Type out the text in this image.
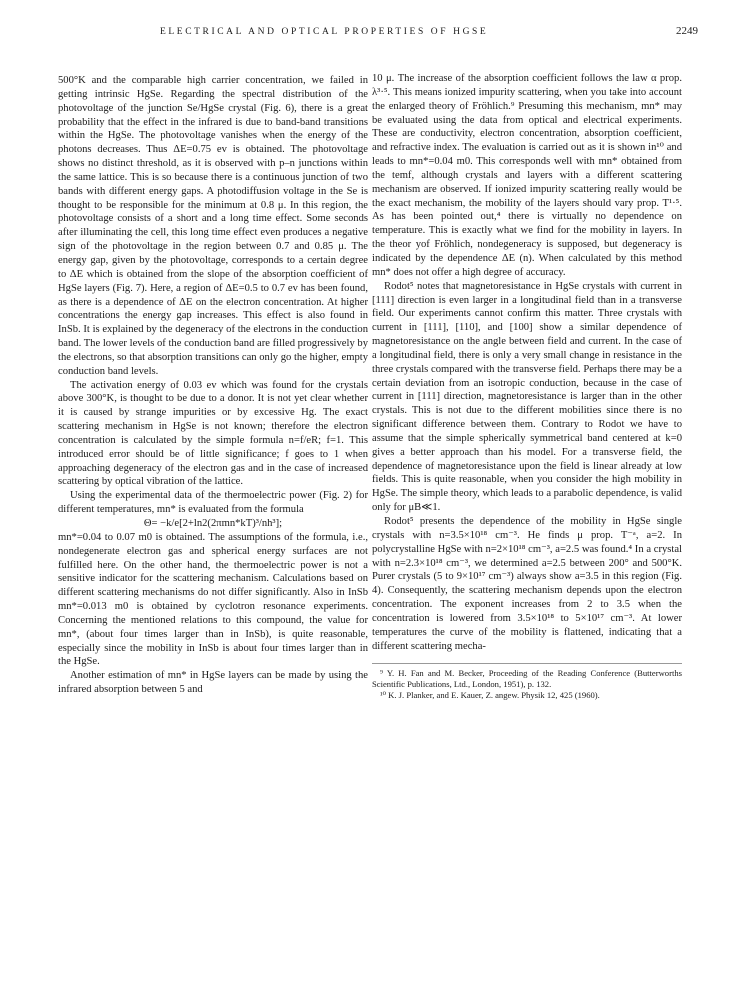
ELECTRICAL AND OPTICAL PROPERTIES OF HGSE	2249

500°K and the comparable high carrier concentration, we failed in getting intrinsic HgSe. Regarding the spectral distribution of the photovoltage of the junction Se/HgSe crystal (Fig. 6), there is a great probability that the effect in the infrared is due to band-band transitions within the HgSe. The photovoltage vanishes when the energy of the photons decreases. Thus ΔE=0.75 ev is obtained. The photovoltage shows no distinct threshold, as it is observed with p–n junctions within the same lattice. This is so because there is a continuous junction of two bands with different energy gaps. A photodiffusion voltage in the Se is thought to be responsible for the minimum at 0.8 μ. In this region, the photovoltage consists of a short and a long time effect. Some seconds after illuminating the cell, this long time effect even produces a negative sign of the photovoltage in the region between 0.7 and 0.85 μ. The energy gap, given by the photovoltage, corresponds to a certain degree to ΔE which is obtained from the slope of the absorption coefficient of HgSe layers (Fig. 7). Here, a region of ΔE=0.5 to 0.7 ev has been found, as there is a dependence of ΔE on the electron concentration. At higher concentrations the energy gap increases. This effect is also found in InSb. It is explained by the degeneracy of the electrons in the conduction band. The lower levels of the conduction band are filled progressively by the electrons, so that absorption transitions can only go the higher, empty conduction band levels.

The activation energy of 0.03 ev which was found for the crystals above 300°K, is thought to be due to a donor. It is not yet clear whether it is caused by strange impurities or by excessive Hg. The exact scattering mechanism in HgSe is not known; therefore the electron concentration is calculated by the simple formula n=f/eR; f=1. This introduced error should be of little significance; f goes to 1 when approaching degeneracy of the electron gas and in the case of increased scattering by optical vibration of the lattice.

Using the experimental data of the thermoelectric power (Fig. 2) for different temperatures, mn* is evaluated from the formula

Θ= −k/e[2+ln2(2πmn*kT)³/nh³];

mn*=0.04 to 0.07 m0 is obtained. The assumptions of the formula, i.e., nondegenerate electron gas and spherical energy surfaces are not fulfilled here. On the other hand, the thermoelectric power is not a sensitive indicator for the scattering mechanism. Calculations based on different scattering mechanisms do not differ significantly. Also in InSb mn*=0.013 m0 is obtained by cyclotron resonance experiments. Concerning the mentioned relations to this compound, the value for mn*, (about four times larger than in InSb), is quite reasonable, especially since the mobility in InSb is about four times larger than in the HgSe.

Another estimation of mn* in HgSe layers can be made by using the infrared absorption between 5 and

10 μ. The increase of the absorption coefficient follows the law α prop. λ³·⁵. This means ionized impurity scattering, when you take into account the enlarged theory of Fröhlich.⁹ Presuming this mechanism, mn* may be evaluated using the data from optical and electrical experiments. These are conductivity, electron concentration, absorption coefficient, and refractive index. The evaluation is carried out as it is shown in¹⁰ and leads to mn*=0.04 m0. This corresponds well with mn* obtained from the temf, although crystals and layers with a different scattering mechanism are observed. If ionized impurity scattering really would be the exact mechanism, the mobility of the layers should vary prop. T¹·⁵. As has been pointed out,⁴ there is virtually no dependence on temperature. This is exactly what we find for the mobility in layers. In the theor yof Fröhlich, nondegeneracy is supposed, but degeneracy is indicated by the dependence ΔE (n). When calculated by this method mn* does not offer a high degree of accuracy.

Rodot⁵ notes that magnetoresistance in HgSe crystals with current in [111] direction is even larger in a longitudinal field than in a transverse field. Our experiments cannot confirm this matter. Three crystals with current in [111], [110], and [100] show a similar dependence of magnetoresistance on the angle between field and current. In the case of a longitudinal field, there is only a very small change in resistance in the three crystals compared with the transverse field. Perhaps there may be a certain deviation from an isotropic conduction, because in the case of current in [111] direction, magnetoresistance is larger than in the other crystals. This is not due to the different mobilities since there is no significant difference between them. Contrary to Rodot we have to assume that the simple spherically symmetrical band centered at k=0 gives a better approach than his model. For a transverse field, the dependence of magnetoresistance upon the field is linear already at low fields. This is quite reasonable, when you consider the high mobility in HgSe. The simple theory, which leads to a parabolic dependence, is valid only for μB≪1.

Rodot⁵ presents the dependence of the mobility in HgSe single crystals with n=3.5×10¹⁸ cm⁻³. He finds μ prop. T⁻ᵃ, a=2. In polycrystalline HgSe with n=2×10¹⁸ cm⁻³, a=2.5 was found.⁴ In a crystal with n=2.3×10¹⁸ cm⁻³, we determined a=2.5 between 200° and 500°K. Purer crystals (5 to 9×10¹⁷ cm⁻³) always show a=3.5 in this region (Fig. 4). Consequently, the scattering mechanism depends upon the electron concentration. The exponent increases from 2 to 3.5 when the concentration is lowered from 3.5×10¹⁸ to 5×10¹⁷ cm⁻³. At lower temperatures the curve of the mobility is flattened, indicating that a different scattering mecha-

⁹ Y. H. Fan and M. Becker, Proceeding of the Reading Conference (Butterworths Scientific Publications, Ltd., London, 1951), p. 132.

¹⁰ K. J. Planker, and E. Kauer, Z. angew. Physik 12, 425 (1960).
